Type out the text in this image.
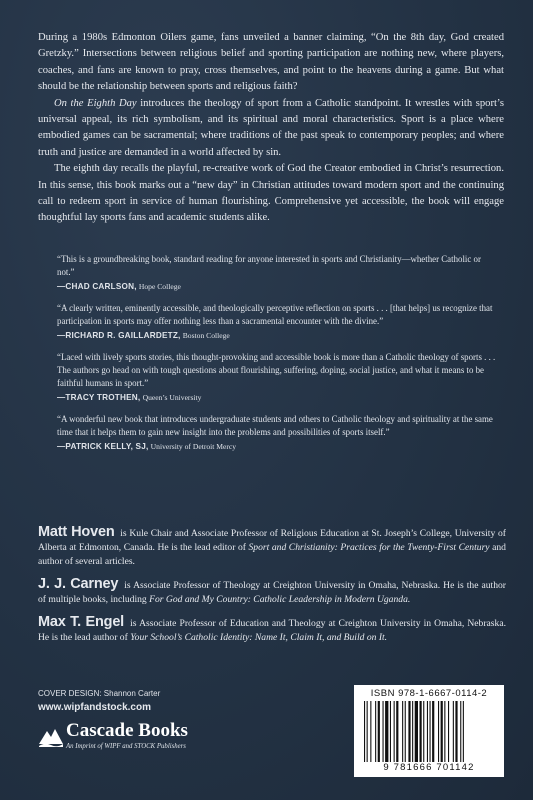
During a 1980s Edmonton Oilers game, fans unveiled a banner claiming, “On the 8th day, God created Gretzky.” Intersections between religious belief and sporting participation are nothing new, where players, coaches, and fans are known to pray, cross themselves, and point to the heavens during a game. But what should be the relationship between sports and religious faith?

On the Eighth Day introduces the theology of sport from a Catholic standpoint. It wrestles with sport’s universal appeal, its rich symbolism, and its spiritual and moral characteristics. Sport is a place where embodied games can be sacramental; where traditions of the past speak to contemporary peoples; and where truth and justice are demanded in a world affected by sin.

The eighth day recalls the playful, re-creative work of God the Creator embodied in Christ’s resurrection. In this sense, this book marks out a “new day” in Christian attitudes toward modern sport and the continuing call to redeem sport in service of human flourishing. Comprehensive yet accessible, the book will engage thoughtful lay sports fans and academic students alike.

“This is a groundbreaking book, standard reading for anyone interested in sports and Christianity—whether Catholic or not.”

—CHAD CARLSON, Hope College

“A clearly written, eminently accessible, and theologically perceptive reflection on sports . . . [that helps] us recognize that participation in sports may offer nothing less than a sacramental encounter with the divine.”

—RICHARD R. GAILLARDETZ, Boston College

“Laced with lively sports stories, this thought-provoking and accessible book is more than a Catholic theology of sports . . . The authors go head on with tough questions about flourishing, suffering, doping, social justice, and what it means to be faithful humans in sport.”

—TRACY TROTHEN, Queen’s University

“A wonderful new book that introduces undergraduate students and others to Catholic theology and spirituality at the same time that it helps them to gain new insight into the problems and possibilities of sports itself.”

—PATRICK KELLY, SJ, University of Detroit Mercy
Matt Hoven is Kule Chair and Associate Professor of Religious Education at St. Joseph’s College, University of Alberta at Edmonton, Canada. He is the lead editor of Sport and Christianity: Practices for the Twenty-First Century and author of several articles.
J. J. Carney is Associate Professor of Theology at Creighton University in Omaha, Nebraska. He is the author of multiple books, including For God and My Country: Catholic Leadership in Modern Uganda.
Max T. Engel is Associate Professor of Education and Theology at Creighton University in Omaha, Nebraska. He is the lead author of Your School’s Catholic Identity: Name It, Claim It, and Build on It.
COVER DESIGN: Shannon Carter
www.wipfandstock.com
Cascade Books
An Imprint of WIPF and STOCK Publishers
ISBN 978-1-6667-0114-2
9 781666 701142
